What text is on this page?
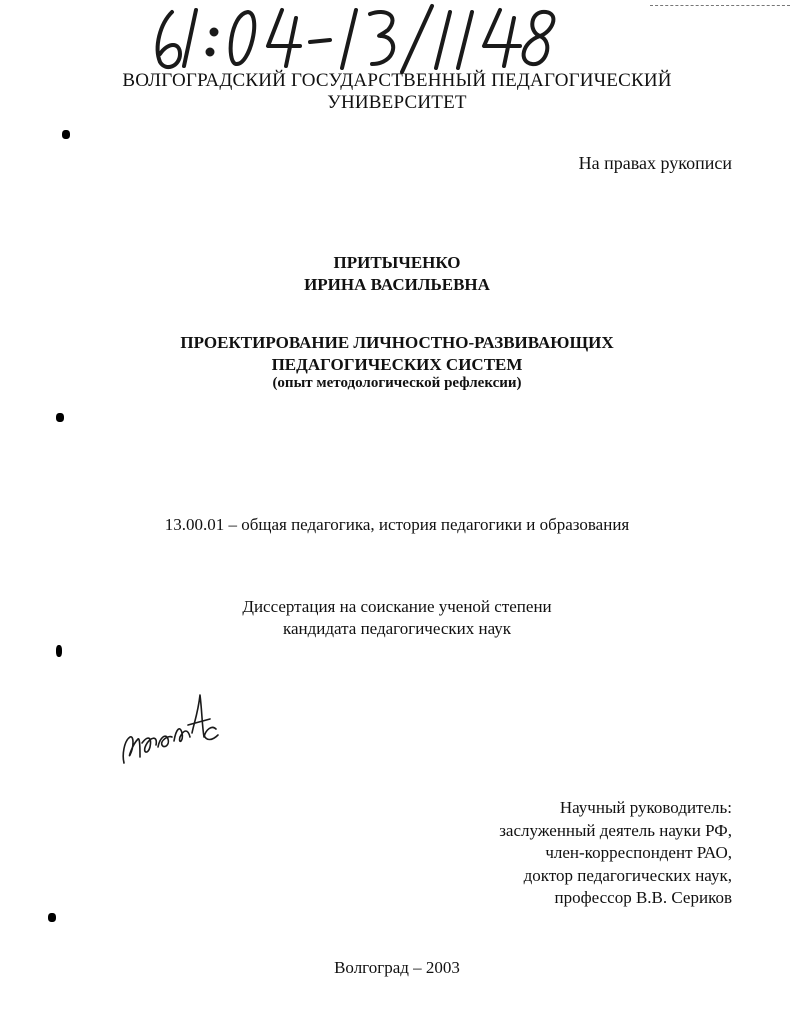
ВОЛГОГРАДСКИЙ ГОСУДАРСТВЕННЫЙ ПЕДАГОГИЧЕСКИЙ
УНИВЕРСИТЕТ
На правах рукописи
ПРИТЫЧЕНКО
ИРИНА ВАСИЛЬЕВНА
ПРОЕКТИРОВАНИЕ ЛИЧНОСТНО-РАЗВИВАЮЩИХ
ПЕДАГОГИЧЕСКИХ СИСТЕМ
(опыт методологической рефлексии)
13.00.01 – общая педагогика, история педагогики и образования
Диссертация на соискание ученой степени
кандидата педагогических наук
Научный руководитель:
заслуженный деятель науки РФ,
член-корреспондент РАО,
доктор педагогических наук,
профессор В.В. Сериков
Волгоград – 2003
